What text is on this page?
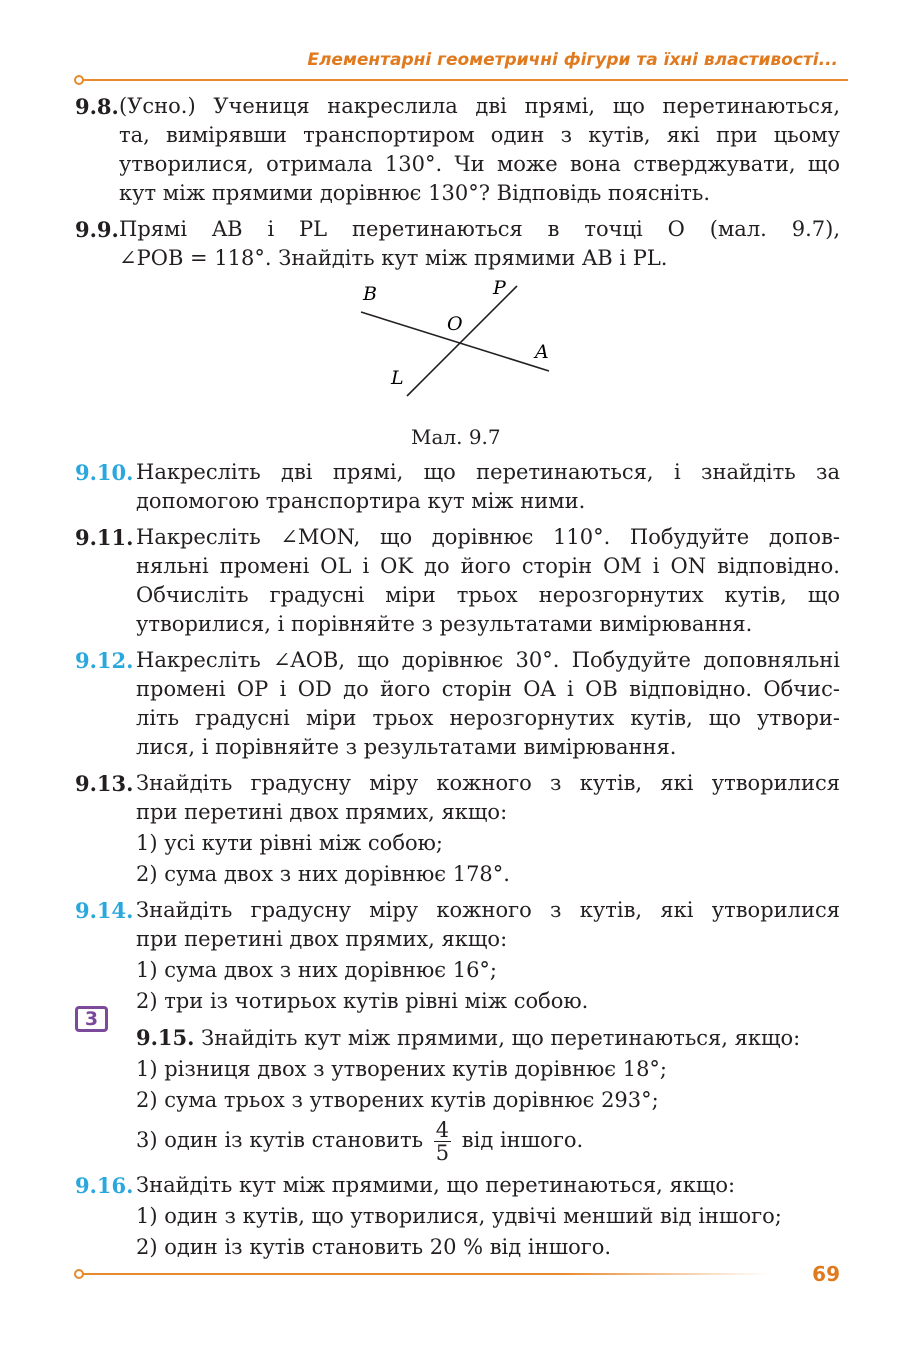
Елементарні геометричні фігури та їхні властивості...
9.8. (Усно.) Учениця накреслила дві прямі, що перетинаються,
та, вимірявши транспортиром один з кутів, які при цьому
утворилися, отримала 130°. Чи може вона стверджувати, що
кут між прямими дорівнює 130°? Відповідь поясніть.
9.9. Прямі AB і PL перетинаються в точці O (мал. 9.7),
∠POB = 118°. Знайдіть кут між прямими AB і PL.
B	P
O
A
L
Мал. 9.7
9.10. Накресліть дві прямі, що перетинаються, і знайдіть за
допомогою транспортира кут між ними.
9.11. Накресліть ∠MON, що дорівнює 110°. Побудуйте допов-
няльні промені OL і OK до його сторін OM і ON відповідно.
Обчисліть градусні міри трьох нерозгорнутих кутів, що
утворилися, і порівняйте з результатами вимірювання.
9.12. Накресліть ∠AOB, що дорівнює 30°. Побудуйте доповняльні
промені OP і OD до його сторін OA і OB відповідно. Обчис-
літь градусні міри трьох нерозгорнутих кутів, що утвори-
лися, і порівняйте з результатами вимірювання.
9.13. Знайдіть градусну міру кожного з кутів, які утворилися
при перетині двох прямих, якщо:
1) усі кути рівні між собою;
2) сума двох з них дорівнює 178°.
9.14. Знайдіть градусну міру кожного з кутів, які утворилися
при перетині двох прямих, якщо:
1) сума двох з них дорівнює 16°;
2) три із чотирьох кутів рівні між собою.
9.15. Знайдіть кут між прямими, що перетинаються, якщо:
1) різниця двох з утворених кутів дорівнює 18°;
2) сума трьох з утворених кутів дорівнює 293°;
3) один із кутів становить $\frac{4}{5}$ від іншого.
9.16. Знайдіть кут між прямими, що перетинаються, якщо:
1) один з кутів, що утворилися, удвічі менший від іншого;
2) один із кутів становить 20 % від іншого.
3
69
